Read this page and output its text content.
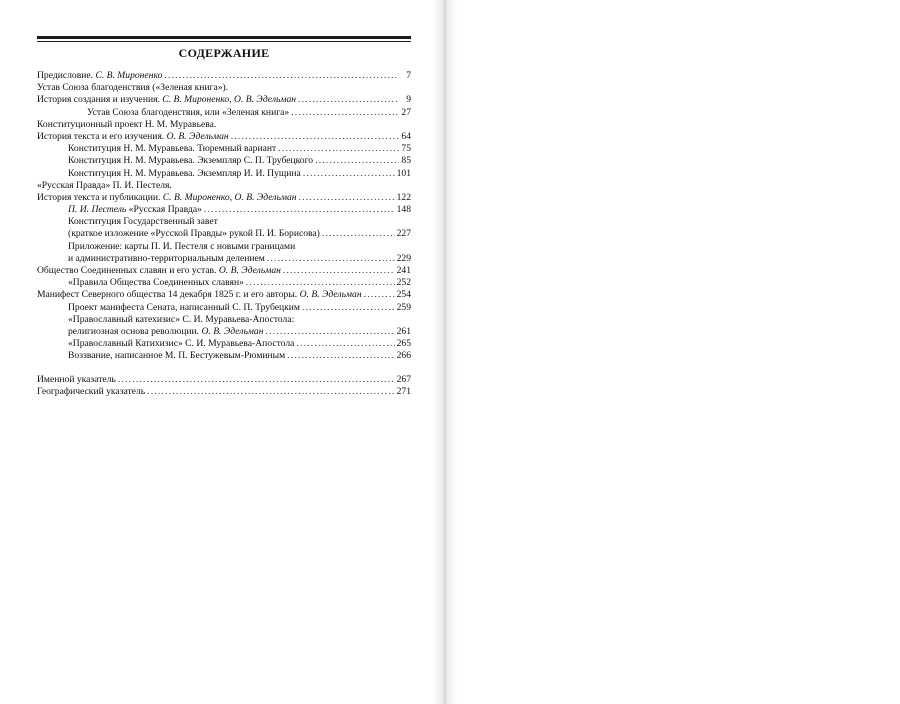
СОДЕРЖАНИЕ
Предисловие. С. В. Мироненко .....	7
Устав Союза благоденствия («Зеленая книга»).
История создания и изучения. С. В. Мироненко, О. В. Эдельман .....	9
Устав Союза благоденствия, или «Зеленая книга» .....	27
Конституционный проект Н. М. Муравьева.
История текста и его изучения. О. В. Эдельман .....	64
Конституция Н. М. Муравьева. Тюремный вариант .....	75
Конституция Н. М. Муравьева. Экземпляр С. П. Трубецкого .....	85
Конституция Н. М. Муравьева. Экземпляр И. И. Пущина .....	101
«Русская Правда» П. И. Пестеля.
История текста и публикации. С. В. Мироненко, О. В. Эдельман .....	122
П. И. Пестель «Русская Правда» .....	148
Конституция Государственный завет
(краткое изложение «Русской Правды» рукой П. И. Борисова) .....	227
Приложение: карты П. И. Пестеля с новыми границами
и административно-территориальным делением .....	229
Общество Соединенных славян и его устав. О. В. Эдельман .....	241
«Правила Общества Соединенных славян» .....	252
Манифест Северного общества 14 декабря 1825 г. и его авторы. О. В. Эдельман .....	254
Проект манифеста Сената, написанный С. П. Трубецким .....	259
«Православный катехизис» С. И. Муравьева-Апостола:
религиозная основа революции. О. В. Эдельман .....	261
«Православный Катихизис» С. И. Муравьева-Апостола .....	265
Воззвание, написанное М. П. Бестужевым-Рюминым .....	266
Именной указатель .....	267
Географический указатель .....	271
